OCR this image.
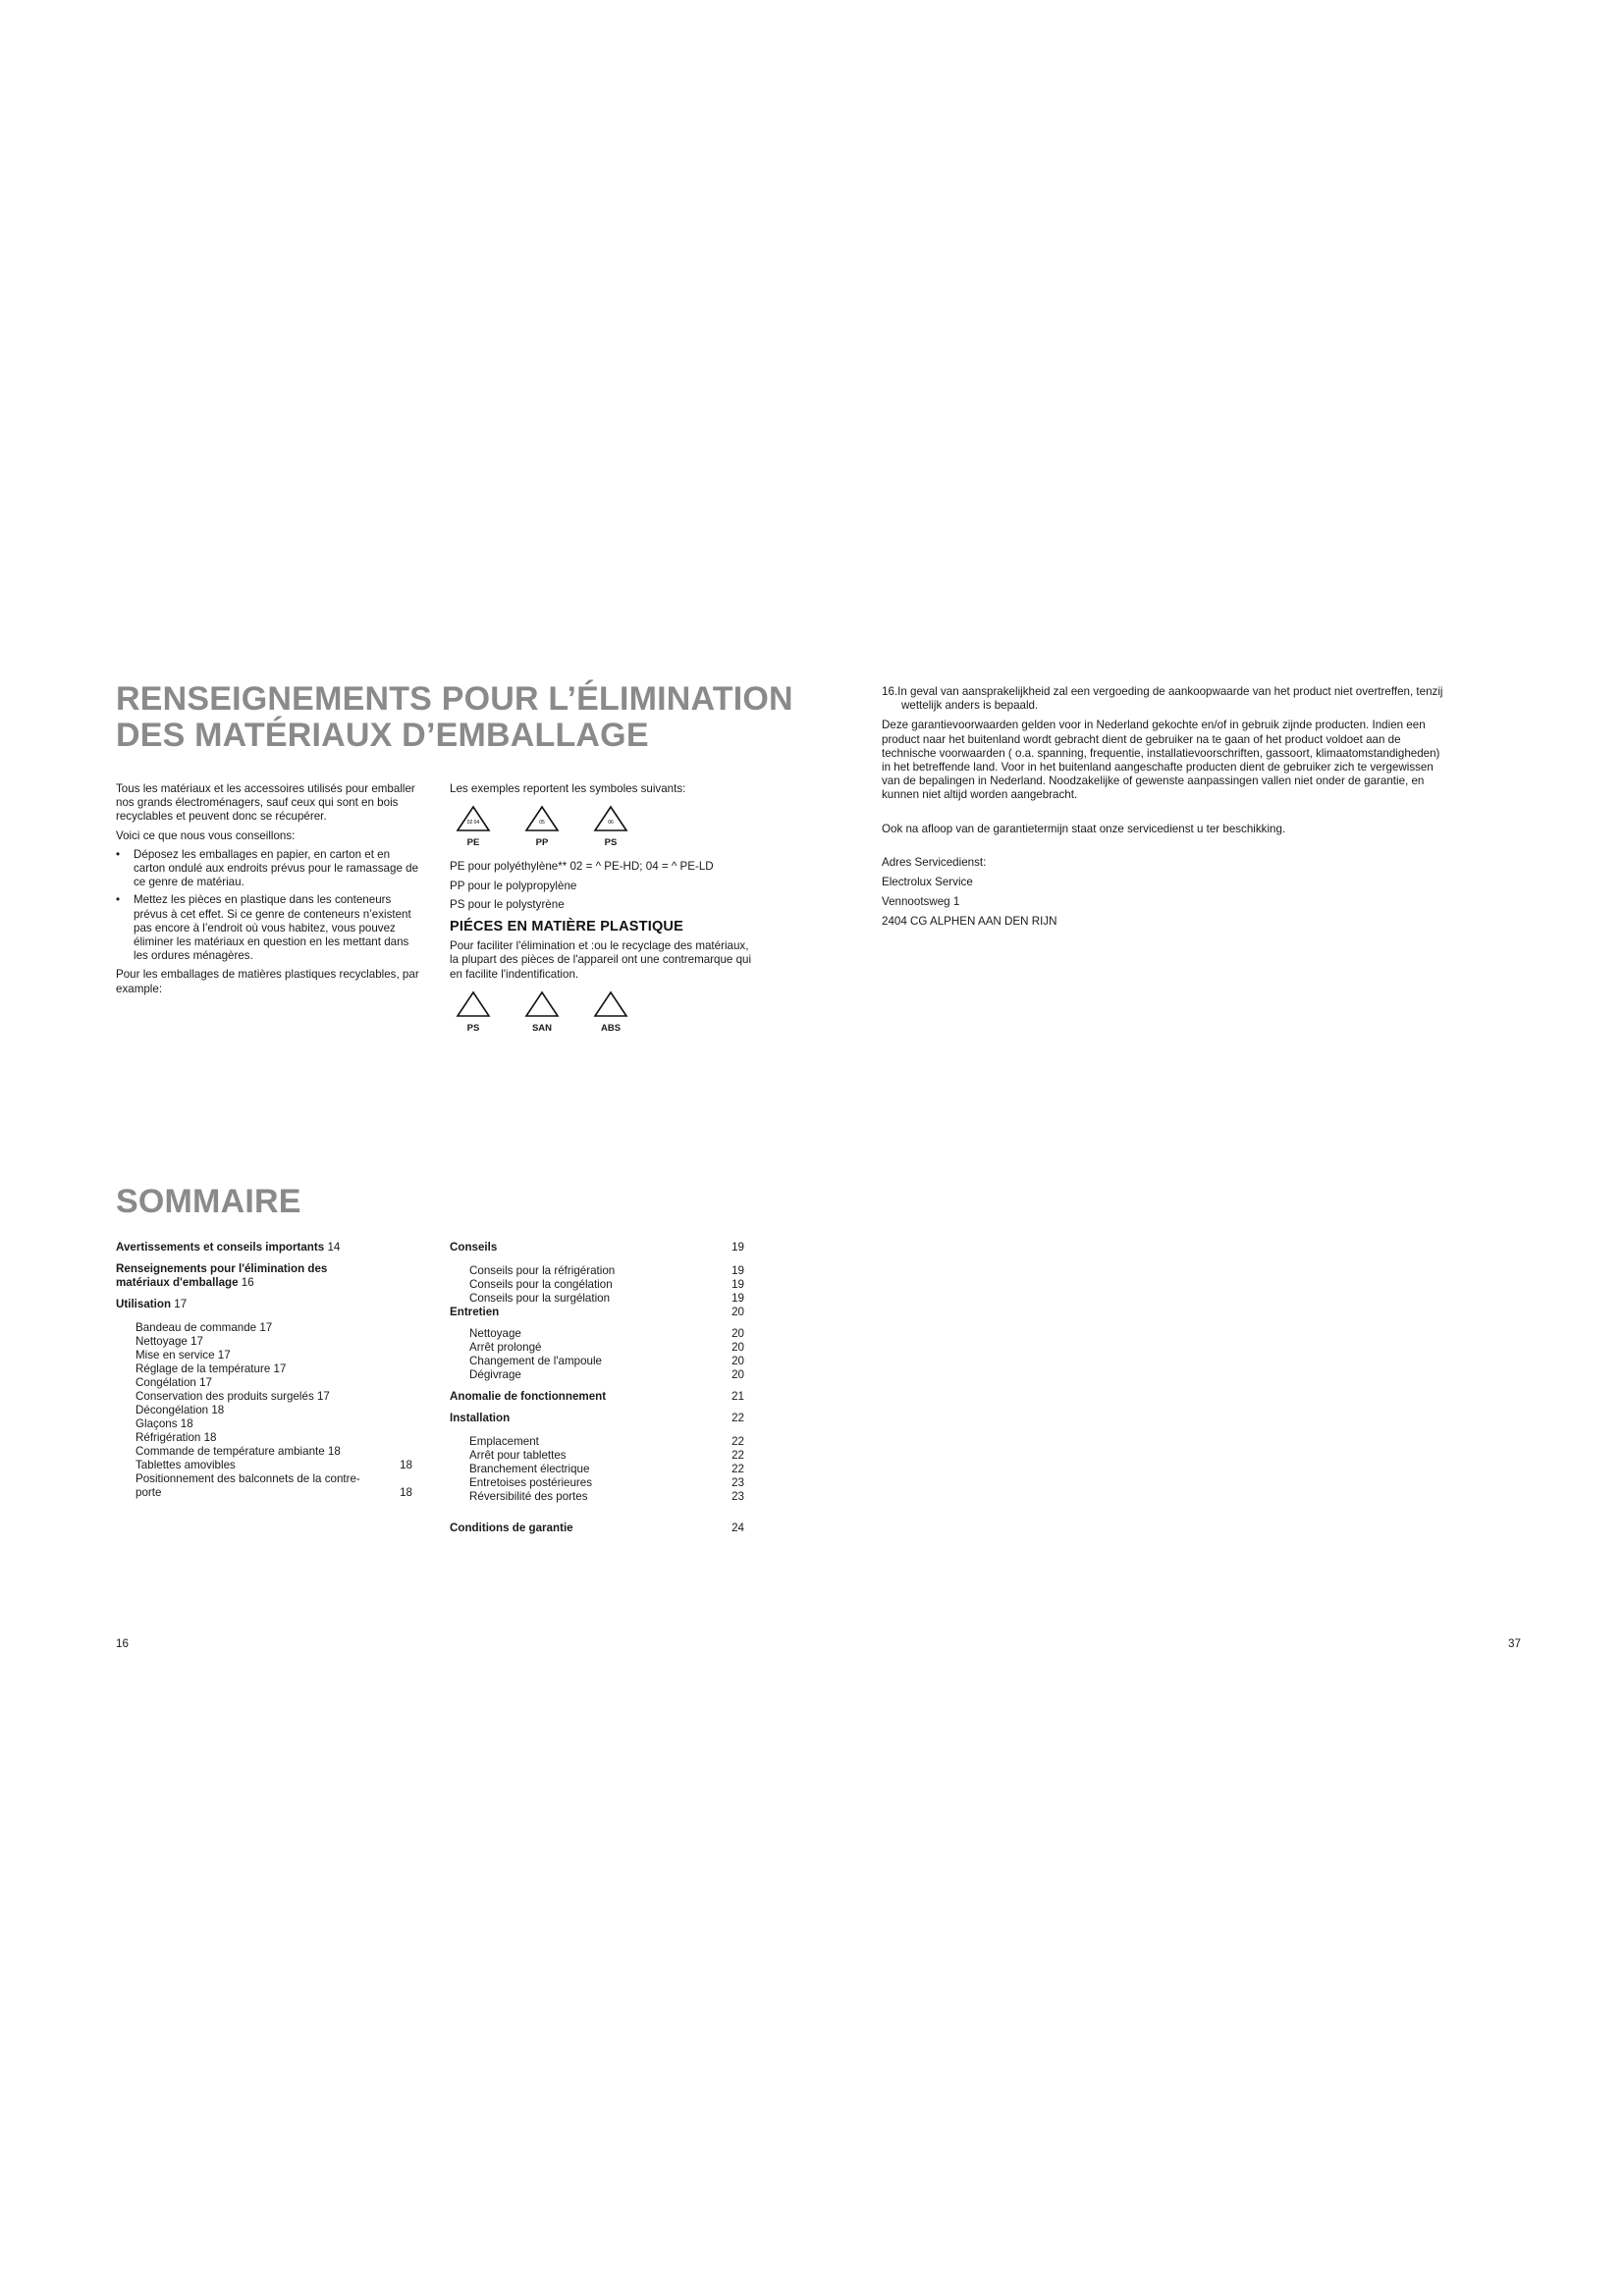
RENSEIGNEMENTS POUR L’ÉLIMINATION
DES MATÉRIAUX D’EMBALLAGE

Tous les matériaux et les accessoires utilisés pour emballer nos grands électroménagers, sauf ceux qui sont en bois recyclables et peuvent donc se récupérer.

Voici ce que nous vous conseillons:

• Déposez les emballages en papier, en carton et en carton ondulé aux endroits prévus pour le ramassage de ce genre de matériau.
• Mettez les pièces en plastique dans les conteneurs prévus à cet effet. Si ce genre de conteneurs n’existent pas encore à l’endroit où vous habitez, vous pouvez éliminer les matériaux en question en les mettant dans les ordures ménagères.

Pour les emballages de matières plastiques recyclables, par example:

Les exemples reportent les symboles suivants:

02 04
PE
05
PP
06
PS

PE pour polyéthylène** 02 = ^ PE-HD; 04 = ^ PE-LD

PP pour le polypropylène

PS pour le polystyrène

PIÉCES EN MATIÈRE PLASTIQUE

Pour faciliter l'élimination et :ou le recyclage des matériaux, la plupart des pièces de l'appareil ont une contremarque qui en facilite l'indentification.

PS	SAN	ABS
SOMMAIRE
Avertissements et conseils importants 14
Renseignements pour l'élimination des
matériaux d'emballage 16
Utilisation 17
Bandeau de commande 17
Nettoyage 17
Mise en service 17
Réglage de la température 17
Congélation 17
Conservation des produits surgelés 17
Décongélation 18
Glaçons 18
Réfrigération 18
Commande de température ambiante 18
Tablettes amovibles	18
Positionnement des balconnets de la contre-
porte	18
Conseils	19
Conseils pour la réfrigération	19
Conseils pour la congélation	19
Conseils pour la surgélation	19
Entretien	20
Nettoyage	20
Arrêt prolongé	20
Changement de l'ampoule	20
Dégivrage	20
Anomalie de fonctionnement	21
Installation	22
Emplacement	22
Arrêt pour tablettes	22
Branchement électrique	22
Entretoises postérieures	23
Réversibilité des portes	23
Conditions de garantie	24

16.In geval van aansprakelijkheid zal een vergoeding de aankoopwaarde van het product niet overtreffen, tenzij

wettelijk anders is bepaald.

Deze garantievoorwaarden gelden voor in Nederland gekochte en/of in gebruik zijnde producten. Indien een

product naar het buitenland wordt gebracht dient de gebruiker na te gaan of het product voldoet aan de

technische voorwaarden ( o.a. spanning, frequentie, installatievoorschriften, gassoort, klimaatomstandigheden)

in het betreffende land. Voor in het buitenland aangeschafte producten dient de gebruiker zich te vergewissen

van de bepalingen in Nederland. Noodzakelijke of gewenste aanpassingen vallen niet onder de garantie, en

kunnen niet altijd worden aangebracht.

Ook na afloop van de garantietermijn staat onze servicedienst u ter beschikking.

Adres Servicedienst:

Electrolux Service

Vennootsweg 1

2404 CG ALPHEN AAN DEN RIJN

16	37
